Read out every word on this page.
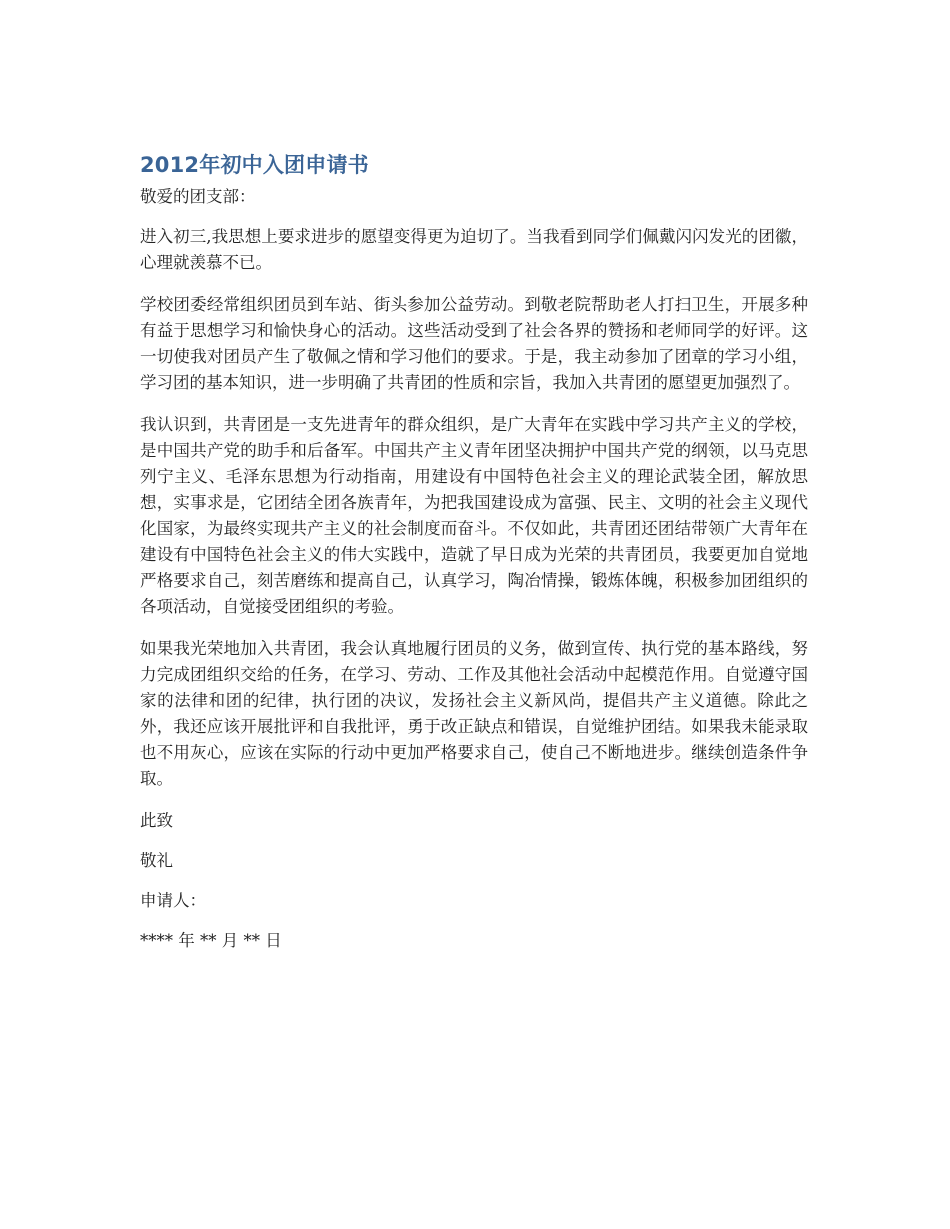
2012年初中入团申请书

敬爱的团支部：

进入初三,我思想上要求进步的愿望变得更为迫切了。当我看到同学们佩戴闪闪发光的团徽，心理就羡慕不已。

学校团委经常组织团员到车站、街头参加公益劳动。到敬老院帮助老人打扫卫生，开展多种有益于思想学习和愉快身心的活动。这些活动受到了社会各界的赞扬和老师同学的好评。这一切使我对团员产生了敬佩之情和学习他们的要求。于是，我主动参加了团章的学习小组，学习团的基本知识，进一步明确了共青团的性质和宗旨，我加入共青团的愿望更加强烈了。

我认识到，共青团是一支先进青年的群众组织，是广大青年在实践中学习共产主义的学校，是中国共产党的助手和后备军。中国共产主义青年团坚决拥护中国共产党的纲领，以马克思列宁主义、毛泽东思想为行动指南，用建设有中国特色社会主义的理论武装全团，解放思想，实事求是，它团结全团各族青年，为把我国建设成为富强、民主、文明的社会主义现代化国家，为最终实现共产主义的社会制度而奋斗。不仅如此，共青团还团结带领广大青年在建设有中国特色社会主义的伟大实践中，造就了早日成为光荣的共青团员，我要更加自觉地严格要求自己，刻苦磨练和提高自己，认真学习，陶冶情操，锻炼体魄，积极参加团组织的各项活动，自觉接受团组织的考验。

如果我光荣地加入共青团，我会认真地履行团员的义务，做到宣传、执行党的基本路线，努力完成团组织交给的任务，在学习、劳动、工作及其他社会活动中起模范作用。自觉遵守国家的法律和团的纪律，执行团的决议，发扬社会主义新风尚，提倡共产主义道德。除此之外，我还应该开展批评和自我批评，勇于改正缺点和错误，自觉维护团结。如果我未能录取也不用灰心，应该在实际的行动中更加严格要求自己，使自己不断地进步。继续创造条件争取。

此致

敬礼

申请人：

**** 年 ** 月 ** 日
